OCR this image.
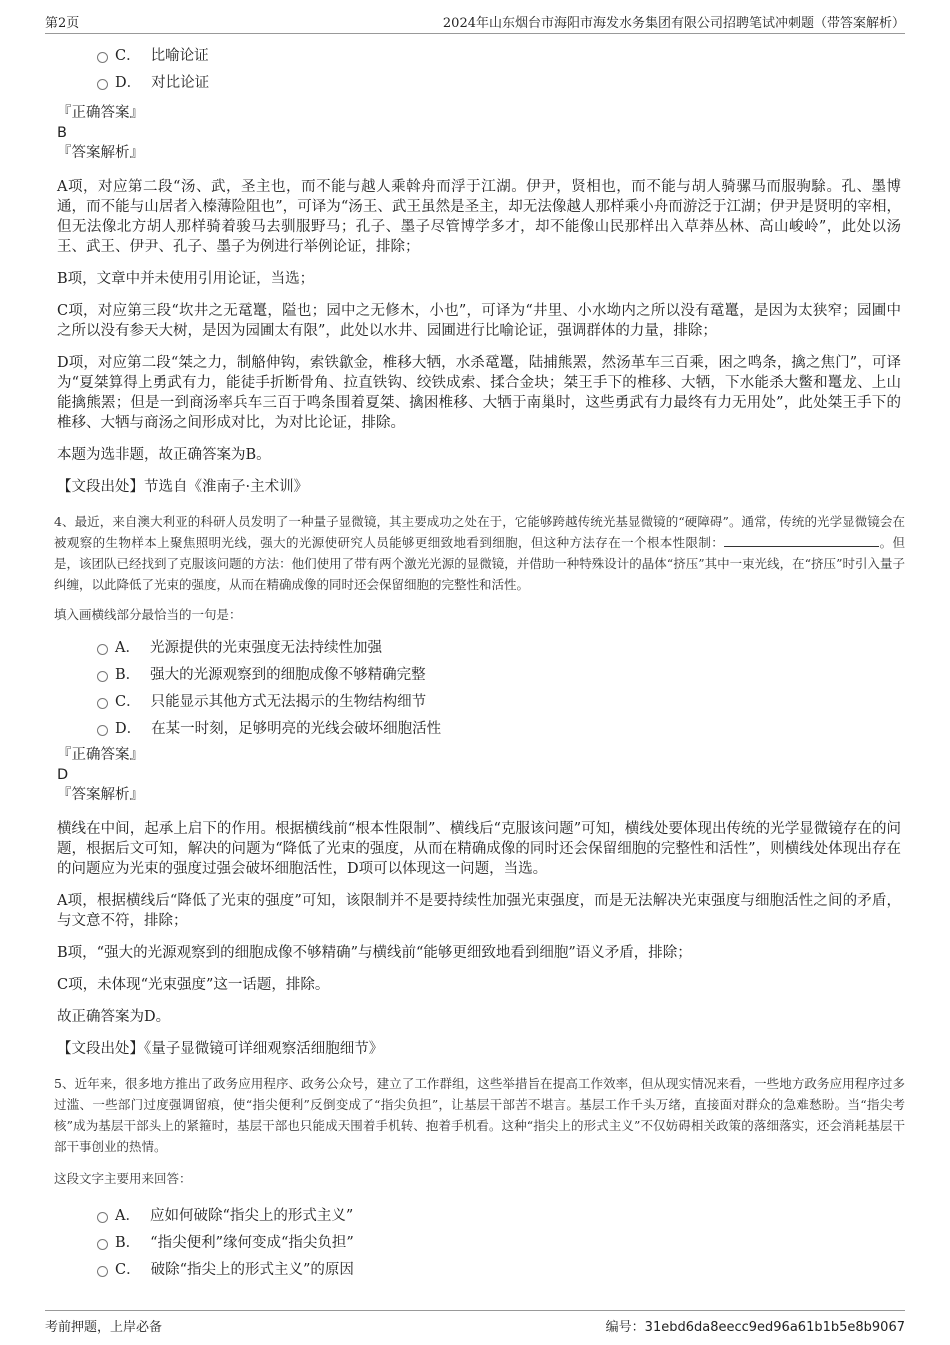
第2页	2024年山东烟台市海阳市海发水务集团有限公司招聘笔试冲刺题（带答案解析）
C． 比喻论证
D． 对比论证
『正确答案』
B
『答案解析』
A项，对应第二段“汤、武，圣主也，而不能与越人乘斡舟而浮于江湖。伊尹，贤相也，而不能与胡人骑骡马而服驹駼。孔、墨博通，而不能与山居者入榛薄险阻也”，可译为“汤王、武王虽然是圣主，却无法像越人那样乘小舟而游泛于江湖；伊尹是贤明的宰相，但无法像北方胡人那样骑着骏马去驯服野马；孔子、墨子尽管博学多才，却不能像山民那样出入草莽丛林、高山峻岭”，此处以汤王、武王、伊尹、孔子、墨子为例进行举例论证，排除；
B项，文章中并未使用引用论证，当选；
C项，对应第三段“坎井之无鼋鼍，隘也；园中之无修木，小也”，可译为“井里、小水坳内之所以没有鼋鼍，是因为太狭窄；园圃中之所以没有参天大树，是因为园圃太有限”，此处以水井、园圃进行比喻论证，强调群体的力量，排除；
D项，对应第二段“桀之力，制觡伸钩，索铁歙金，椎移大牺，水杀鼋鼍，陆捕熊罴，然汤革车三百乘，困之鸣条，擒之焦门”，可译为“夏桀算得上勇武有力，能徒手折断骨角、拉直铁钩、绞铁成索、揉合金块；桀王手下的椎移、大牺，下水能杀大鳖和鼍龙、上山能擒熊罴；但是一到商汤率兵车三百于鸣条围着夏桀、擒困椎移、大牺于南巢时，这些勇武有力最终有力无用处”，此处桀王手下的椎移、大牺与商汤之间形成对比，为对比论证，排除。
本题为选非题，故正确答案为B。
【文段出处】节选自《淮南子·主术训》
4、最近，来自澳大利亚的科研人员发明了一种量子显微镜，其主要成功之处在于，它能够跨越传统光基显微镜的“硬障碍”。通常，传统的光学显微镜会在被观察的生物样本上聚焦照明光线，强大的光源使研究人员能够更细致地看到细胞，但这种方法存在一个根本性限制：	。但是，该团队已经找到了克服该问题的方法：他们使用了带有两个激光光源的显微镜，并借助一种特殊设计的晶体“挤压”其中一束光线，在“挤压”时引入量子纠缠，以此降低了光束的强度，从而在精确成像的同时还会保留细胞的完整性和活性。
填入画横线部分最恰当的一句是：
A． 光源提供的光束强度无法持续性加强
B． 强大的光源观察到的细胞成像不够精确完整
C． 只能显示其他方式无法揭示的生物结构细节
D． 在某一时刻，足够明亮的光线会破坏细胞活性
『正确答案』
D
『答案解析』
横线在中间，起承上启下的作用。根据横线前“根本性限制”、横线后“克服该问题”可知，横线处要体现出传统的光学显微镜存在的问题，根据后文可知，解决的问题为“降低了光束的强度，从而在精确成像的同时还会保留细胞的完整性和活性”，则横线处体现出存在的问题应为光束的强度过强会破坏细胞活性，D项可以体现这一问题，当选。
A项，根据横线后“降低了光束的强度”可知，该限制并不是要持续性加强光束强度，而是无法解决光束强度与细胞活性之间的矛盾，与文意不符，排除；
B项，“强大的光源观察到的细胞成像不够精确”与横线前“能够更细致地看到细胞”语义矛盾，排除；
C项，未体现“光束强度”这一话题，排除。
故正确答案为D。
【文段出处】《量子显微镜可详细观察活细胞细节》
5、近年来，很多地方推出了政务应用程序、政务公众号，建立了工作群组，这些举措旨在提高工作效率，但从现实情况来看，一些地方政务应用程序过多过滥、一些部门过度强调留痕，使“指尖便利”反倒变成了“指尖负担”，让基层干部苦不堪言。基层工作千头万绪，直接面对群众的急难愁盼。当“指尖考核”成为基层干部头上的紧箍时，基层干部也只能成天围着手机转、抱着手机看。这种“指尖上的形式主义”不仅妨碍相关政策的落细落实，还会消耗基层干部干事创业的热情。
这段文字主要用来回答：
A． 应如何破除“指尖上的形式主义”
B． “指尖便利”缘何变成“指尖负担”
C． 破除“指尖上的形式主义”的原因
考前押题，上岸必备	编号：31ebd6da8eecc9ed96a61b1b5e8b9067
